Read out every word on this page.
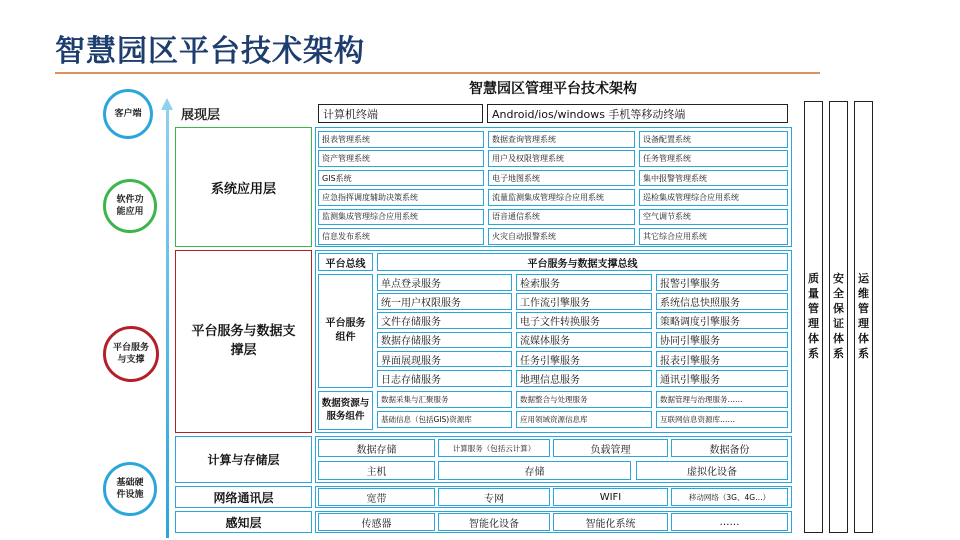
智慧园区平台技术架构
智慧园区管理平台技术架构
客户端
软件功能应用
平台服务与支撑
基础硬件设施
展现层	计算机终端	Android/ios/windows 手机等移动终端
系统应用层
平台服务与数据支撑层
平台总线	平台服务与数据支撑总线
平台服务组件
数据资源与服务组件
计算与存储层
网络通讯层
感知层
质量管理体系
安全保证体系
运维管理体系
报表管理系统	数据查询管理系统	设备配置系统
资产管理系统	用户及权限管理系统	任务管理系统
GIS系统	电子地图系统	集中报警管理系统
应急指挥调度辅助决策系统	流量监测集成管理综合应用系统	巡检集成管理综合应用系统
监测集成管理综合应用系统	语音通信系统	空气调节系统
信息发布系统	火灾自动报警系统	其它综合应用系统
单点登录服务	检索服务	报警引擎服务
统一用户权限服务	工作流引擎服务	系统信息快照服务
文件存储服务	电子文件转换服务	策略调度引擎服务
数据存储服务	流媒体服务	协同引擎服务
界面展现服务	任务引擎服务	报表引擎服务
日志存储服务	地理信息服务	通讯引擎服务
数据采集与汇聚服务	数据整合与处理服务	数据管理与治理服务……
基础信息（包括GIS)资源库	应用领域资源信息库	互联网信息资源库……
数据存储	计算服务（包括云计算）	负载管理	数据备份
主机	存储	虚拟化设备
宽带	专网	WIFI	移动网络（3G、4G…）
传感器	智能化设备	智能化系统	……
